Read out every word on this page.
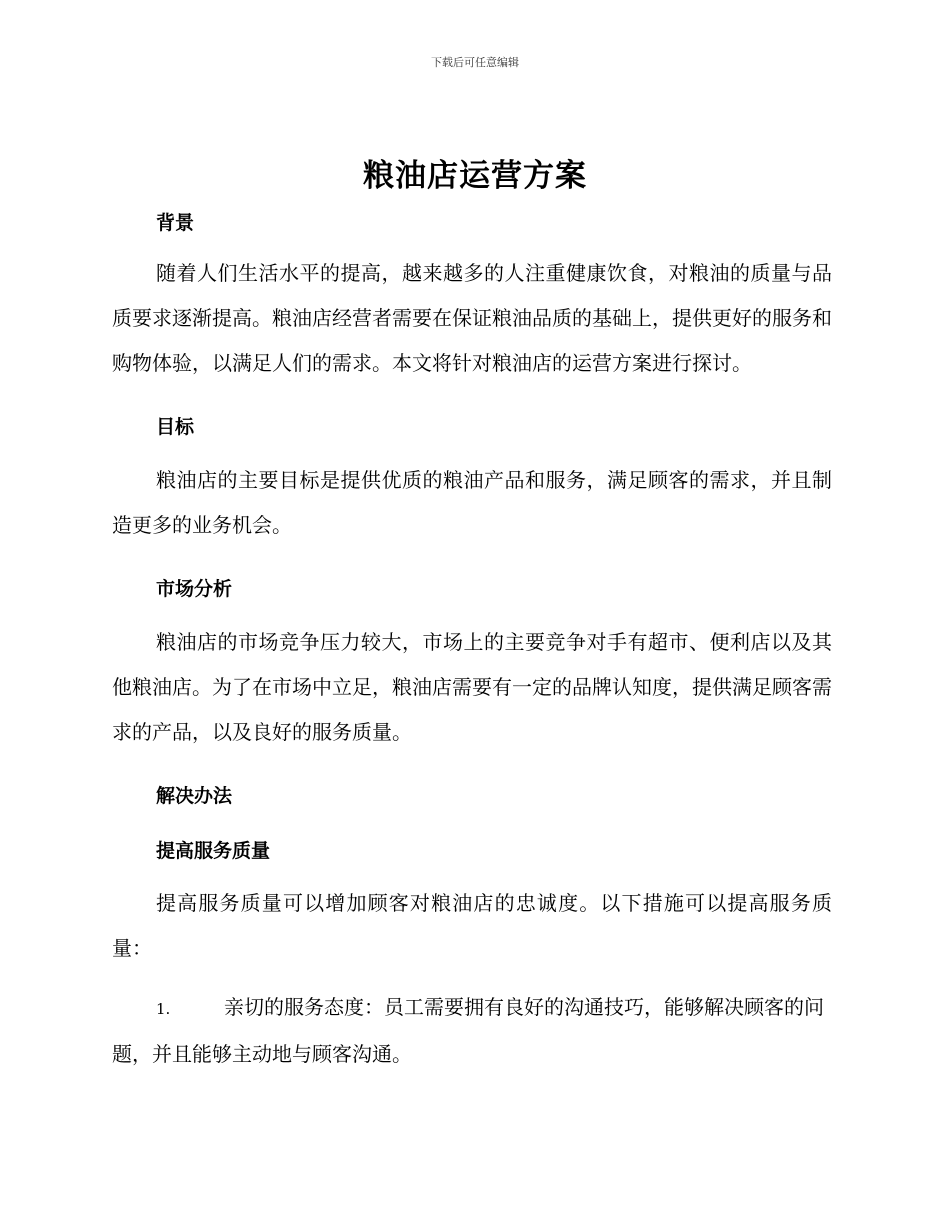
下载后可任意编辑
粮油店运营方案

背景

随着人们生活水平的提高，越来越多的人注重健康饮食，对粮油的质量与品质要求逐渐提高。粮油店经营者需要在保证粮油品质的基础上，提供更好的服务和购物体验，以满足人们的需求。本文将针对粮油店的运营方案进行探讨。

目标

粮油店的主要目标是提供优质的粮油产品和服务，满足顾客的需求，并且制造更多的业务机会。

市场分析

粮油店的市场竞争压力较大，市场上的主要竞争对手有超市、便利店以及其他粮油店。为了在市场中立足，粮油店需要有一定的品牌认知度，提供满足顾客需求的产品，以及良好的服务质量。

解决办法

提高服务质量

提高服务质量可以增加顾客对粮油店的忠诚度。以下措施可以提高服务质量：

1.	亲切的服务态度：员工需要拥有良好的沟通技巧，能够解决顾客的问题，并且能够主动地与顾客沟通。
